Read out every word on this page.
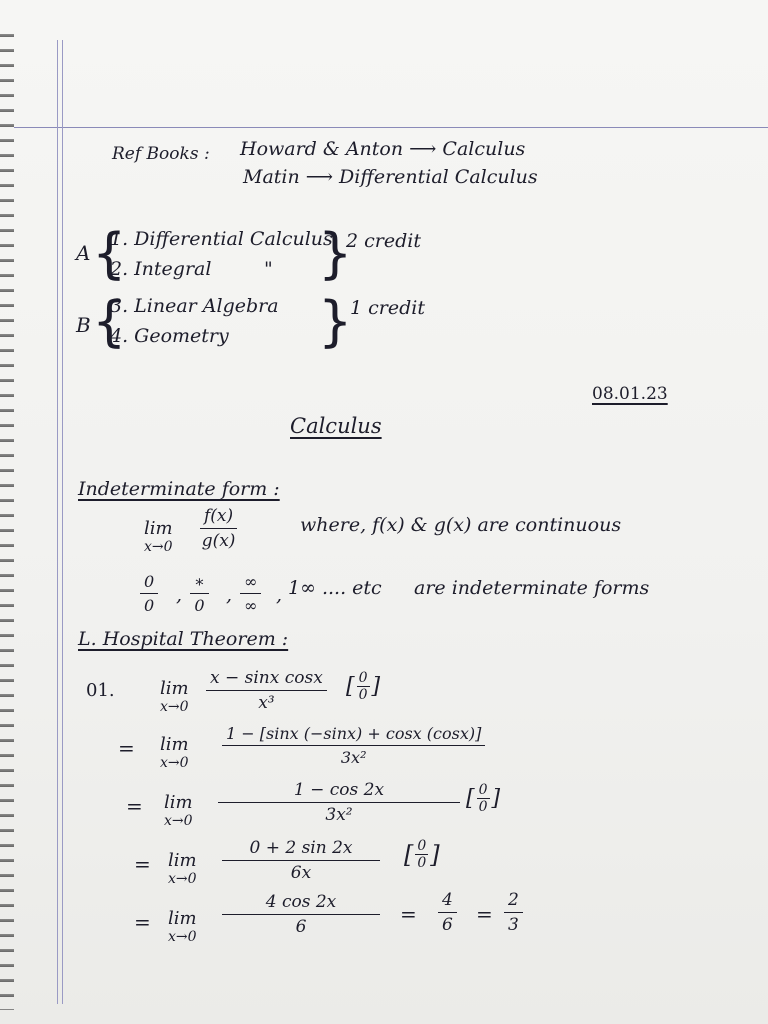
Ref Books : Howard & Anton ⟶ Calculus
Matin ⟶ Differential Calculus
A {
1. Differential Calculus
2. Integral	" }
2 credit
B {
3. Linear Algebra
4. Geometry }
1 credit
08.01.23
Calculus
Indeterminate form :
lim
$x\to 0 \frac{f(x)}{g(x)}$	where, f(x) & g(x) are continuous
$\frac{0}{0}$ ,
∗
0 ,
∞
∞ , 1∞ .... etc are indeterminate forms
L. Hospital Theorem :
01.	lim
$x\to 0 \frac{\text{x − sinx cosx}}{\text{x³}}$ [ 0
0 ]
= lim
$x\to 0 \frac{1 - [\sin x (-\sin x) + \cos x (\cos x)]}{\text{3x²}}$
= lim
$x\to 0 \frac{1 - \cos 2x}{\text{3x²}}$ [ 0
0 ]
= lim
$x\to 0 \frac{0 + 2 \sin 2x}{6x}$ [ 0
0 ]
= lim
$x\to 0 \frac{4 \cos 2x}{6} = \frac{4}{6} = \frac{2}{3}$
